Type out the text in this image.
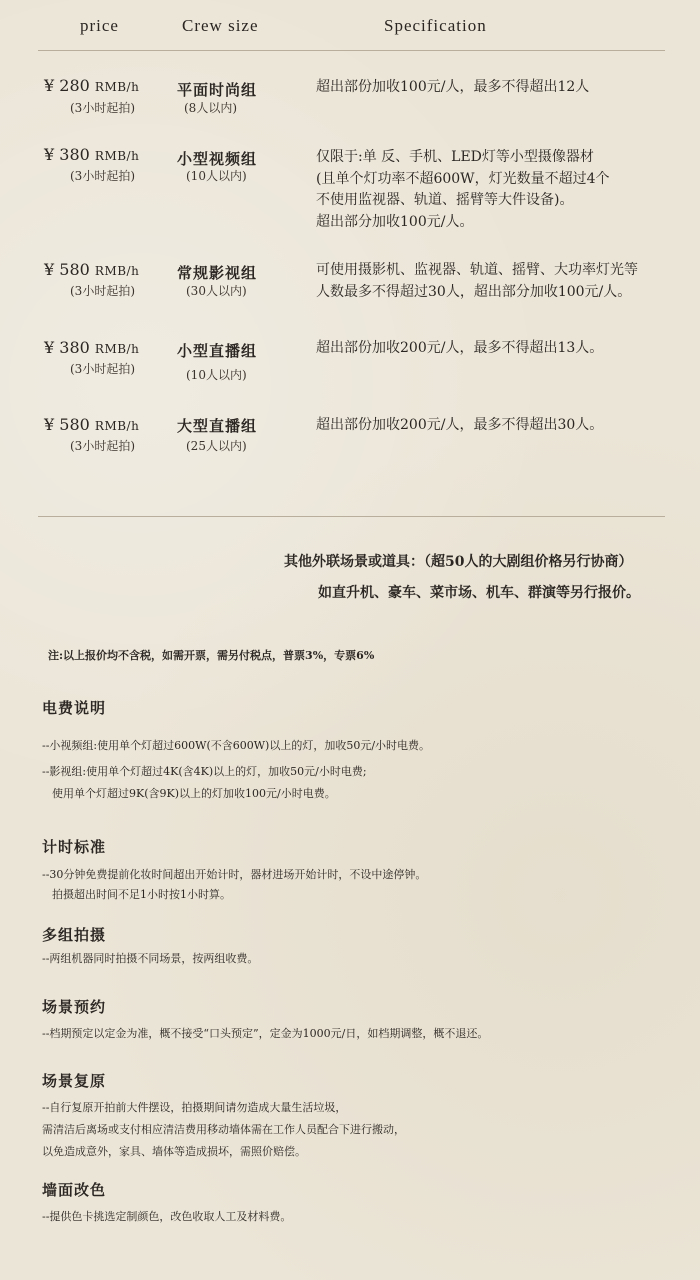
price	Crew size	Specification
¥ 280 RMB/h
(3小时起拍)
平面时尚组
(8人以内)
超出部份加收100元/人，最多不得超出12人
¥ 380 RMB/h
(3小时起拍)
小型视频组
(10人以内)
仅限于:单 反、手机、LED灯等小型摄像器材
(且单个灯功率不超600W，灯光数量不超过4个
不使用监视器、轨道、摇臂等大件设备)。
超出部分加收100元/人。
¥ 580 RMB/h
(3小时起拍)
常规影视组
(30人以内)
可使用摄影机、监视器、轨道、摇臂、大功率灯光等
人数最多不得超过30人，超出部分加收100元/人。
¥ 380 RMB/h
(3小时起拍)
小型直播组
(10人以内)
超出部份加收200元/人，最多不得超出13人。
¥ 580 RMB/h
(3小时起拍)
大型直播组
(25人以内)
超出部份加收200元/人，最多不得超出30人。
其他外联场景或道具：（超50人的大剧组价格另行协商）
如直升机、豪车、菜市场、机车、群演等另行报价。
注:以上报价均不含税，如需开票，需另付税点，普票3%，专票6%
电费说明
--小视频组:使用单个灯超过600W(不含600W)以上的灯，加收50元/小时电费。
--影视组:使用单个灯超过4K(含4K)以上的灯，加收50元/小时电费;
使用单个灯超过9K(含9K)以上的灯加收100元/小时电费。
计时标准
--30分钟免费提前化妆时间超出开始计时，器材进场开始计时，不设中途停钟。
拍摄超出时间不足1小时按1小时算。
多组拍摄
--两组机器同时拍摄不同场景，按两组收费。
场景预约
--档期预定以定金为准，概不接受“口头预定”，定金为1000元/日，如档期调整，概不退还。
场景复原
--自行复原开拍前大件摆设，拍摄期间请勿造成大量生活垃圾，
需清洁后离场或支付相应清洁费用移动墙体需在工作人员配合下进行搬动，
以免造成意外，家具、墙体等造成损坏，需照价赔偿。
墙面改色
--提供色卡挑选定制颜色，改色收取人工及材料费。
